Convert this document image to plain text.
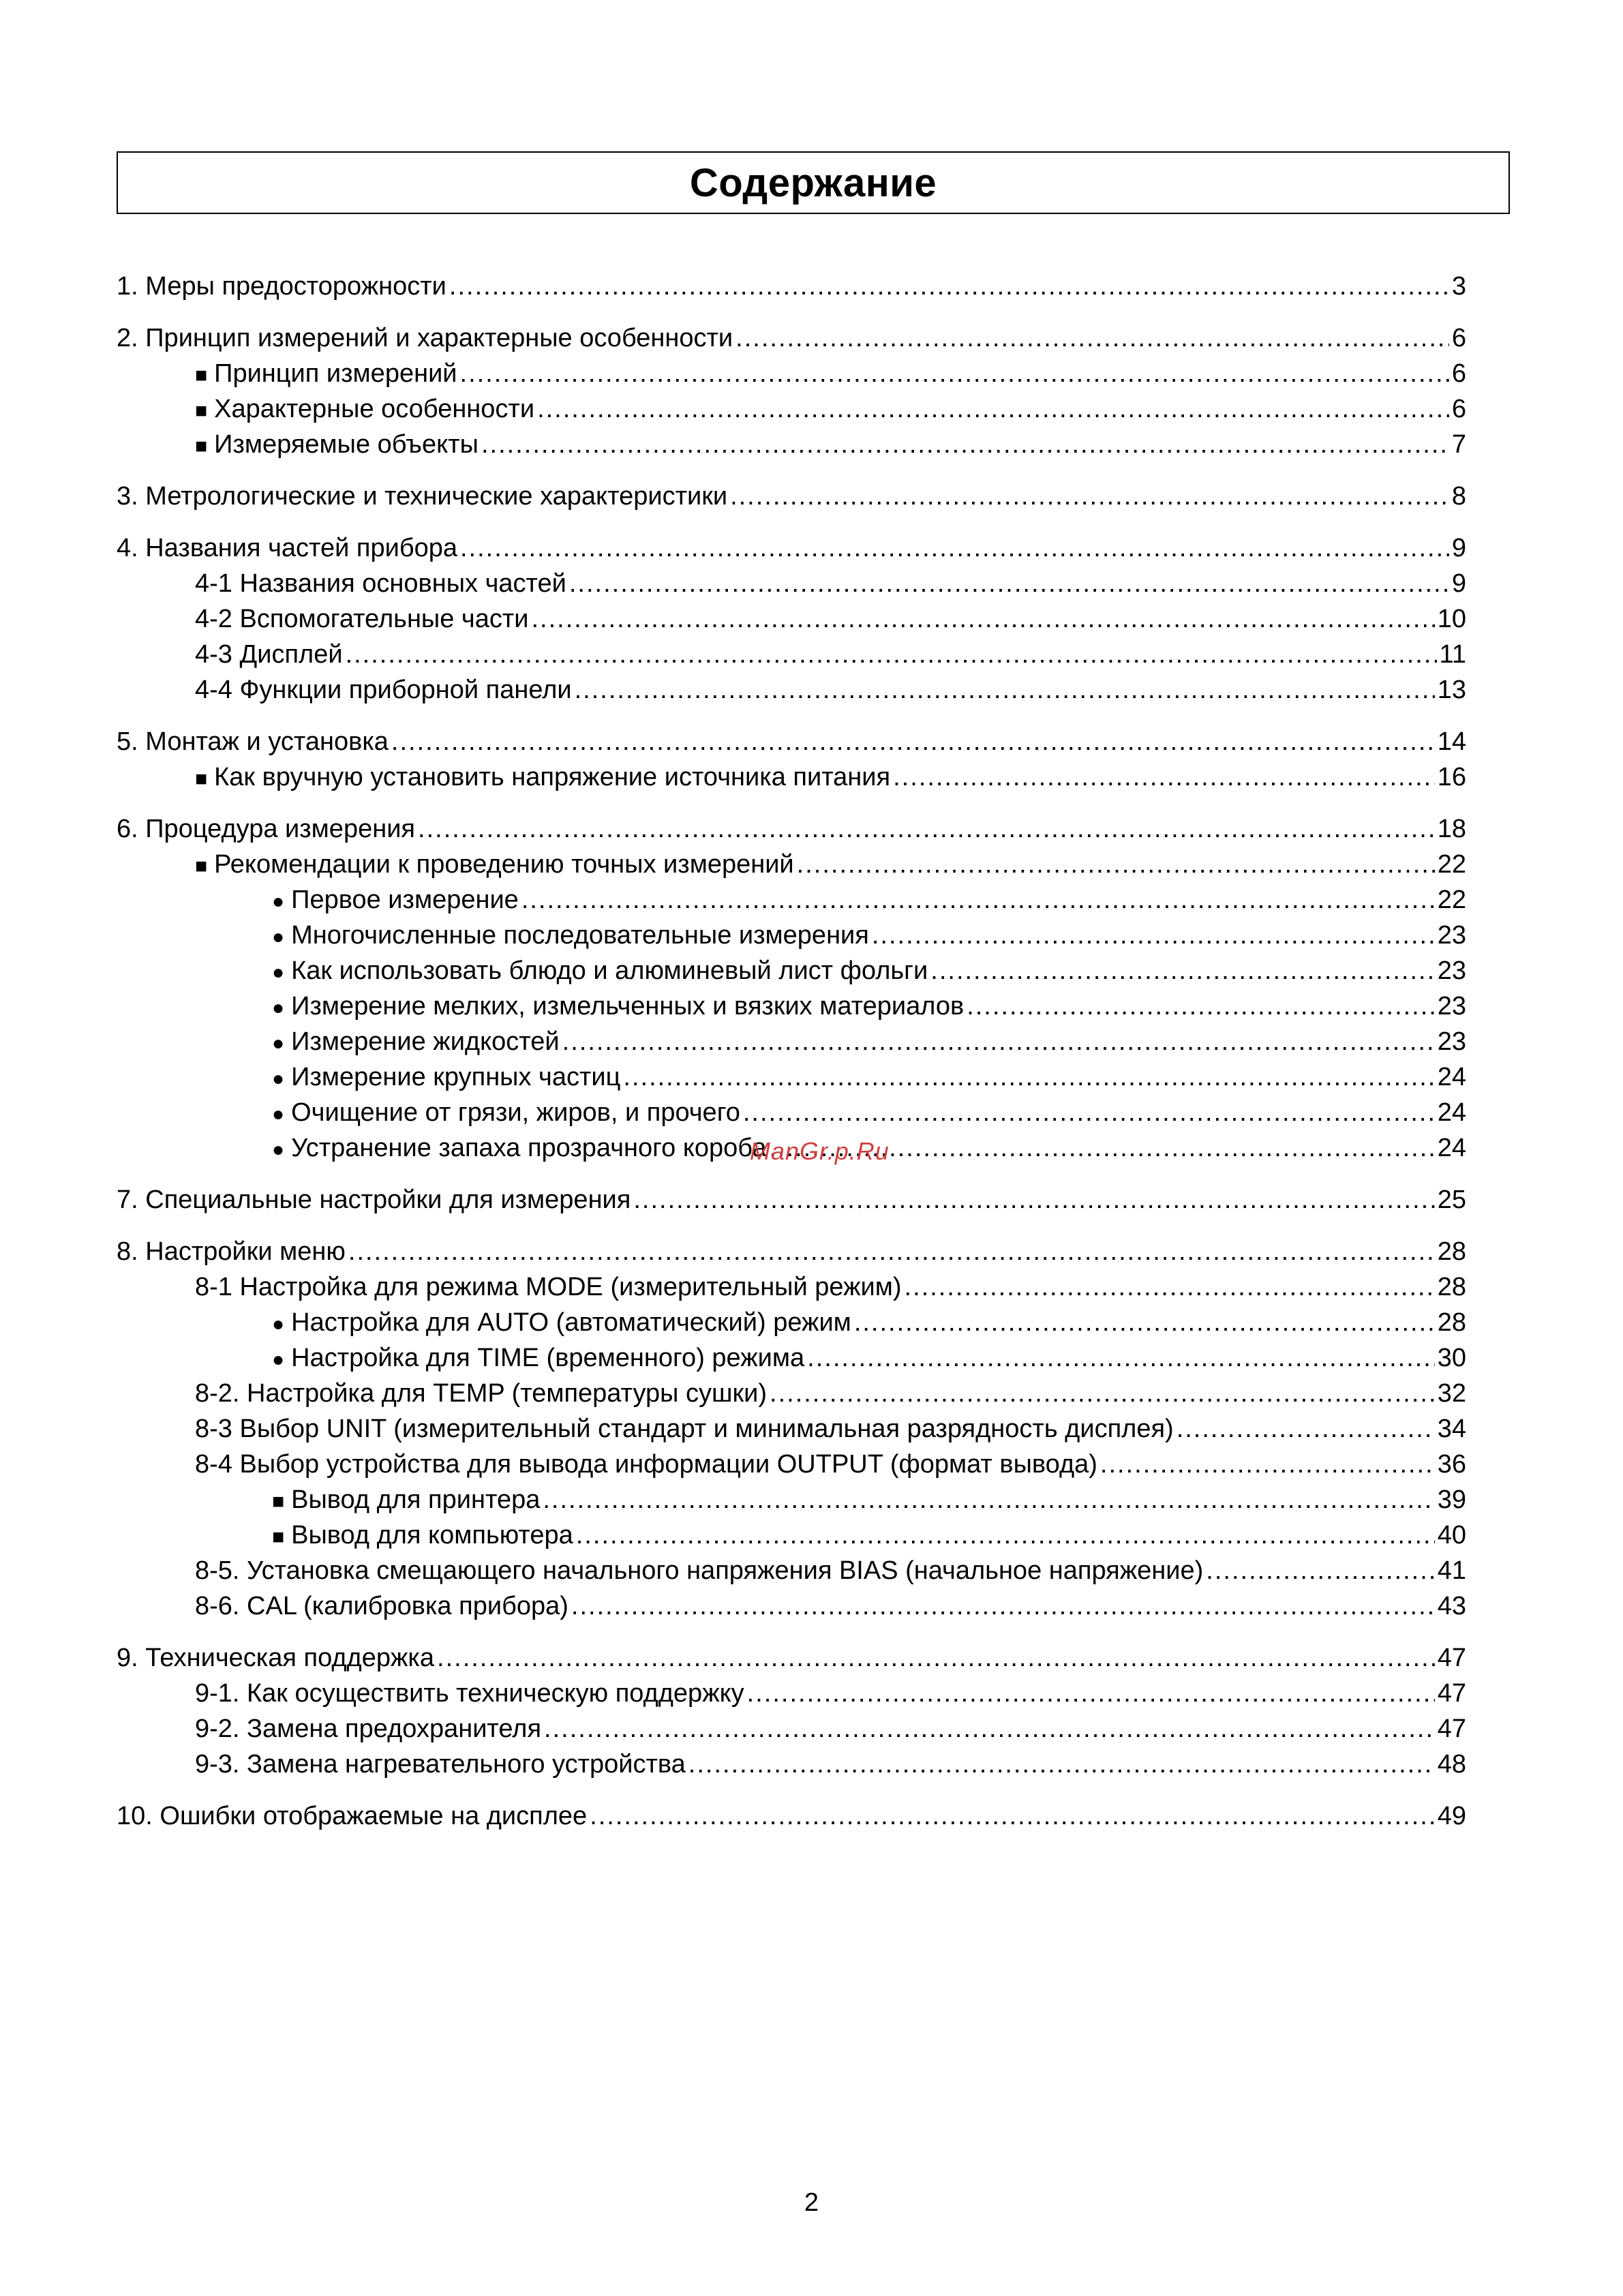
Содержание
1. Меры предосторожности .....	3
2. Принцип измерений и характерные особенности .....	6
■ Принцип измерений .....	6
■ Характерные особенности .....	6
■ Измеряемые объекты .....	7
3. Метрологические и технические характеристики .....	8
4. Названия частей прибора .....	9
4-1 Названия основных частей .....	9
4-2 Вспомогательные части .....	10
4-3 Дисплей .....	11
4-4 Функции приборной панели .....	13
5. Монтаж и установка .....	14
■ Как вручную установить напряжение источника питания .....	16
6. Процедура измерения .....	18
■ Рекомендации к проведению точных измерений .....	22
● Первое измерение .....	22
● Многочисленные последовательные измерения .....	23
● Как использовать блюдо и алюминевый лист фольги .....	23
● Измерение мелких, измельченных и вязких материалов .....	23
● Измерение жидкостей .....	23
● Измерение крупных частиц .....	24
● Очищение от грязи, жиров, и прочего .....	24
● Устранение запаха прозрачного короба .....	24
7. Специальные настройки для измерения .....	25
8. Настройки меню .....	28
8-1 Настройка для режима MODE (измерительный режим) .....	28
● Настройка для AUTO (автоматический) режим .....	28
● Настройка для TIME (временного) режима .....	30
8-2. Настройка для TEMP (температуры сушки) .....	32
8-3 Выбор UNIT (измерительный стандарт и минимальная разрядность дисплея) .....	34
8-4 Выбор устройства для вывода информации OUTPUT (формат вывода) .....	36
■ Вывод для принтера .....	39
■ Вывод для компьютера .....	40
8-5. Установка смещающего начального напряжения BIAS (начальное напряжение) .....	41
8-6. CAL (калибровка прибора) .....	43
9. Техническая поддержка .....	47
9-1. Как осуществить техническую поддержку .....	47
9-2. Замена предохранителя .....	47
9-3. Замена нагревательного устройства .....	48
10. Ошибки отображаемые на дисплее .....	49
ManGr.p.Ru
2
